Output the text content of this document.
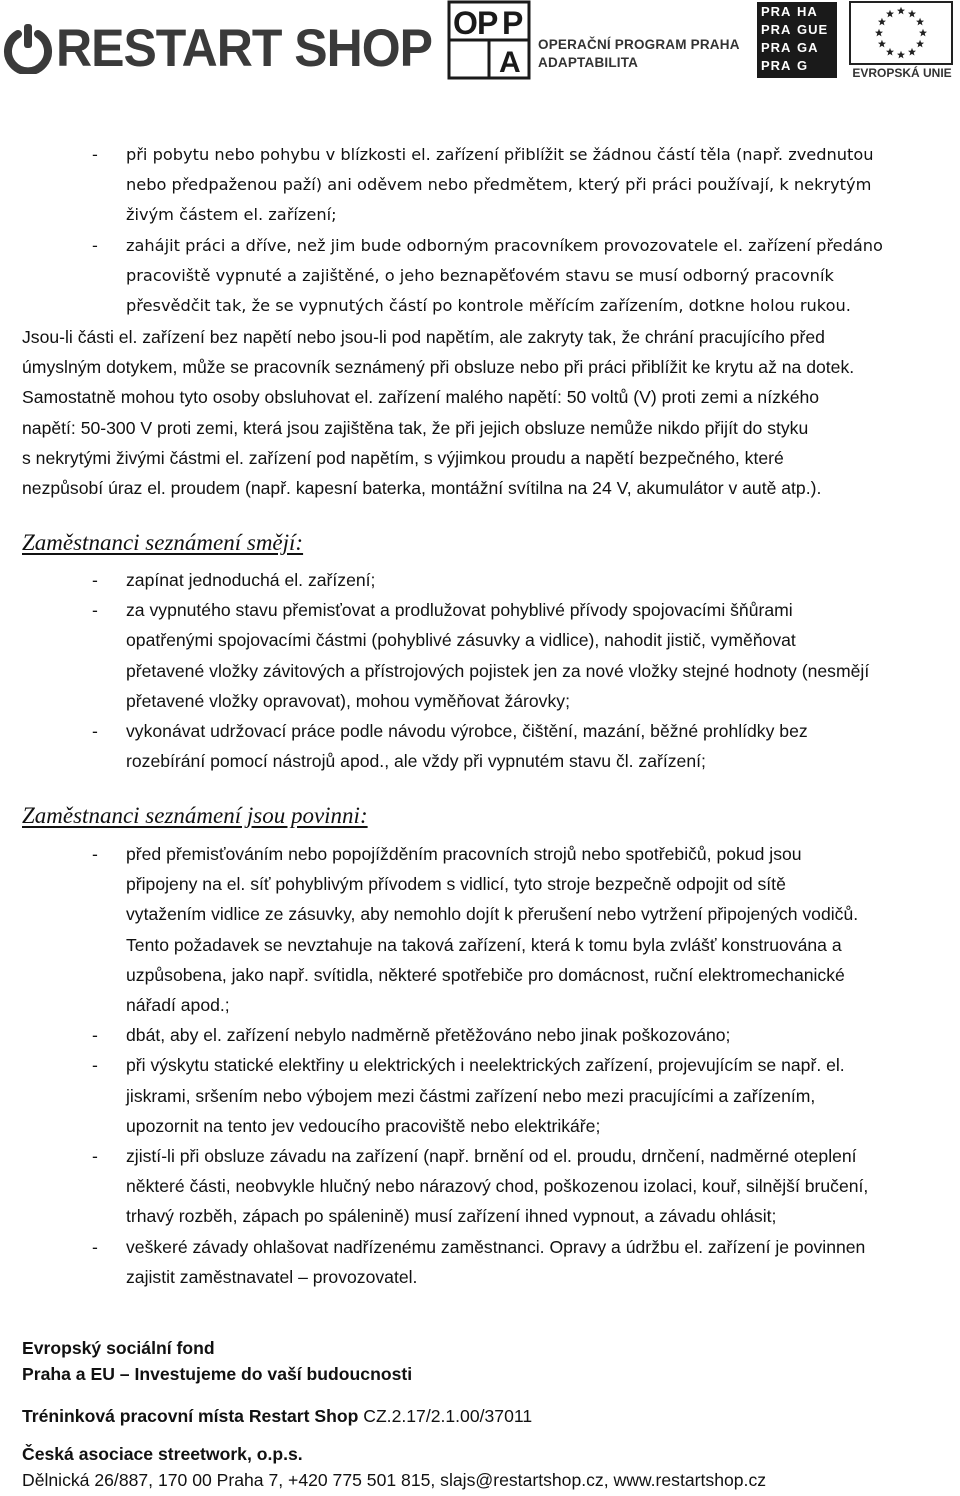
RESTART SHOP O P P
A
OPERAČNÍ PROGRAM PRAHA
ADAPTABILITA
PRA HA
PRA GUE
PRA GA
PRA G	EVROPSKÁ UNIE
- při pobytu nebo pohybu v blízkosti el. zařízení přiblížit se žádnou částí těla (např. zvednutou
nebo předpaženou paží) ani oděvem nebo předmětem, který při práci používají, k nekrytým
živým částem el. zařízení;
- zahájit práci a dříve, než jim bude odborným pracovníkem provozovatele el. zařízení předáno
pracoviště vypnuté a zajištěné, o jeho beznapěťovém stavu se musí odborný pracovník
přesvědčit tak, že se vypnutých částí po kontrole měřícím zařízením, dotkne holou rukou.
Jsou-li části el. zařízení bez napětí nebo jsou-li pod napětím, ale zakryty tak, že chrání pracujícího před
úmyslným dotykem, může se pracovník seznámený při obsluze nebo při práci přiblížit ke krytu až na dotek.
Samostatně mohou tyto osoby obsluhovat el. zařízení malého napětí: 50 voltů (V) proti zemi a nízkého
napětí: 50-300 V proti zemi, která jsou zajištěna tak, že při jejich obsluze nemůže nikdo přijít do styku
s nekrytými živými částmi el. zařízení pod napětím, s výjimkou proudu a napětí bezpečného, které
nezpůsobí úraz el. proudem (např. kapesní baterka, montážní svítilna na 24 V, akumulátor v autě atp.).
Zaměstnanci seznámení smějí:
- zapínat jednoduchá el. zařízení;
- za vypnutého stavu přemisťovat a prodlužovat pohyblivé přívody spojovacími šňůrami
opatřenými spojovacími částmi (pohyblivé zásuvky a vidlice), nahodit jistič, vyměňovat
přetavené vložky závitových a přístrojových pojistek jen za nové vložky stejné hodnoty (nesmějí
přetavené vložky opravovat), mohou vyměňovat žárovky;
- vykonávat udržovací práce podle návodu výrobce, čištění, mazání, běžné prohlídky bez
rozebírání pomocí nástrojů apod., ale vždy při vypnutém stavu čl. zařízení;
Zaměstnanci seznámení jsou povinni:
- před přemisťováním nebo popojížděním pracovních strojů nebo spotřebičů, pokud jsou
připojeny na el. síť pohyblivým přívodem s vidlicí, tyto stroje bezpečně odpojit od sítě
vytažením vidlice ze zásuvky, aby nemohlo dojít k přerušení nebo vytržení připojených vodičů.
Tento požadavek se nevztahuje na taková zařízení, která k tomu byla zvlášť konstruována a
uzpůsobena, jako např. svítidla, některé spotřebiče pro domácnost, ruční elektromechanické
nářadí apod.;
- dbát, aby el. zařízení nebylo nadměrně přetěžováno nebo jinak poškozováno;
- při výskytu statické elektřiny u elektrických i neelektrických zařízení, projevujícím se např. el.
jiskrami, sršením nebo výbojem mezi částmi zařízení nebo mezi pracujícími a zařízením,
upozornit na tento jev vedoucího pracoviště nebo elektrikáře;
- zjistí-li při obsluze závadu na zařízení (např. brnění od el. proudu, drnčení, nadměrné oteplení
některé části, neobvykle hlučný nebo nárazový chod, poškozenou izolaci, kouř, silnější bručení,
trhavý rozběh, zápach po spálenině) musí zařízení ihned vypnout, a závadu ohlásit;
- veškeré závady ohlašovat nadřízenému zaměstnanci. Opravy a údržbu el. zařízení je povinnen
zajistit zaměstnavatel – provozovatel.
Evropský sociální fond
Praha a EU – Investujeme do vaší budoucnosti
Tréninková pracovní místa Restart Shop CZ.2.17/2.1.00/37011
Česká asociace streetwork, o.p.s.
Dělnická 26/887, 170 00 Praha 7, +420 775 501 815, slajs@restartshop.cz, www.restartshop.cz
